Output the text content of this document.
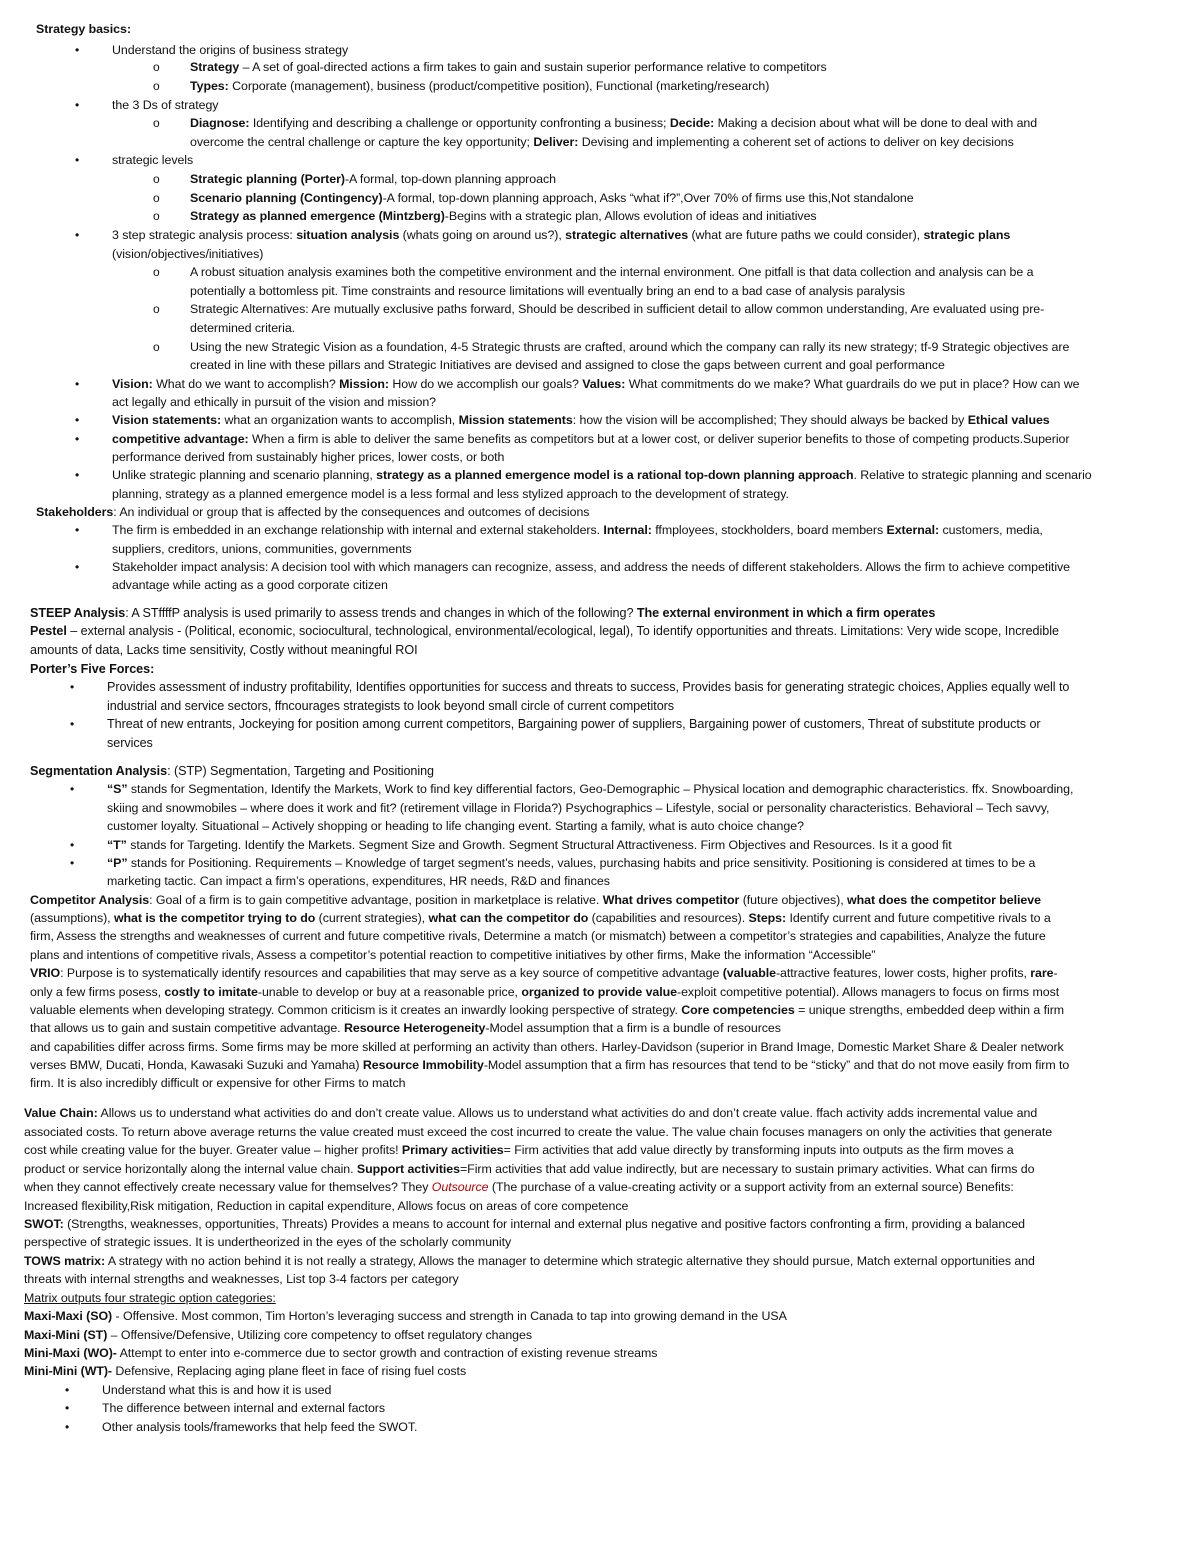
Strategy basics:
•	Understand the origins of business strategy
o Strategy – A set of goal-directed actions a firm takes to gain and sustain superior performance relative to competitors
o Types: Corporate (management), business (product/competitive position), Functional (marketing/research)
•	the 3 Ds of strategy
o Diagnose: Identifying and describing a challenge or opportunity confronting a business; Decide: Making a decision about what will be done to deal with and
overcome the central challenge or capture the key opportunity; Deliver: Devising and implementing a coherent set of actions to deliver on key decisions
•	strategic levels
o Strategic planning (Porter)-A formal, top-down planning approach
o Scenario planning (Contingency)-A formal, top-down planning approach, Asks “what if?”,Over 70% of firms use this,Not standalone
o Strategy as planned emergence (Mintzberg)-Begins with a strategic plan, Allows evolution of ideas and initiatives
•	3 step strategic analysis process: situation analysis (whats going on around us?), strategic alternatives (what are future paths we could consider), strategic plans
(vision/objectives/initiatives)
o A robust situation analysis examines both the competitive environment and the internal environment. One pitfall is that data collection and analysis can be a
potentially a bottomless pit. Time constraints and resource limitations will eventually bring an end to a bad case of analysis paralysis
o Strategic Alternatives: Are mutually exclusive paths forward, Should be described in sufficient detail to allow common understanding, Are evaluated using pre-
determined criteria.
o Using the new Strategic Vision as a foundation, 4-5 Strategic thrusts are crafted, around which the company can rally its new strategy; tf-9 Strategic objectives are
created in line with these pillars and Strategic Initiatives are devised and assigned to close the gaps between current and goal performance
•	Vision: What do we want to accomplish? Mission: How do we accomplish our goals? Values: What commitments do we make? What guardrails do we put in place? How can we
act legally and ethically in pursuit of the vision and mission?
•	Vision statements: what an organization wants to accomplish, Mission statements: how the vision will be accomplished; They should always be backed by Ethical values
•	competitive advantage: When a firm is able to deliver the same benefits as competitors but at a lower cost, or deliver superior benefits to those of competing products.Superior
performance derived from sustainably higher prices, lower costs, or both
•	Unlike strategic planning and scenario planning, strategy as a planned emergence model is a rational top-down planning approach. Relative to strategic planning and scenario
planning, strategy as a planned emergence model is a less formal and less stylized approach to the development of strategy.
Stakeholders: An individual or group that is affected by the consequences and outcomes of decisions
•	The firm is embedded in an exchange relationship with internal and external stakeholders. Internal: ffmployees, stockholders, board members External: customers, media,
suppliers, creditors, unions, communities, governments
•	Stakeholder impact analysis: A decision tool with which managers can recognize, assess, and address the needs of different stakeholders. Allows the firm to achieve competitive
advantage while acting as a good corporate citizen
STEEP Analysis: A STffffP analysis is used primarily to assess trends and changes in which of the following? The external environment in which a firm operates
Pestel – external analysis - (Political, economic, sociocultural, technological, environmental/ecological, legal), To identify opportunities and threats. Limitations: Very wide scope, Incredible
amounts of data, Lacks time sensitivity, Costly without meaningful ROI
Porter’s Five Forces:
•	Provides assessment of industry profitability, Identifies opportunities for success and threats to success, Provides basis for generating strategic choices, Applies equally well to
industrial and service sectors, ffncourages strategists to look beyond small circle of current competitors
•	Threat of new entrants, Jockeying for position among current competitors, Bargaining power of suppliers, Bargaining power of customers, Threat of substitute products or
services
Segmentation Analysis: (STP) Segmentation, Targeting and Positioning
•	“S” stands for Segmentation, Identify the Markets, Work to find key differential factors, Geo-Demographic – Physical location and demographic characteristics. ffx. Snowboarding,
skiing and snowmobiles – where does it work and fit? (retirement village in Florida?) Psychographics – Lifestyle, social or personality characteristics. Behavioral – Tech savvy,
customer loyalty. Situational – Actively shopping or heading to life changing event. Starting a family, what is auto choice change?
•	“T” stands for Targeting. Identify the Markets. Segment Size and Growth. Segment Structural Attractiveness. Firm Objectives and Resources. Is it a good fit
•	“P” stands for Positioning. Requirements – Knowledge of target segment’s needs, values, purchasing habits and price sensitivity. Positioning is considered at times to be a
marketing tactic. Can impact a firm’s operations, expenditures, HR needs, R&D and finances
Competitor Analysis: Goal of a firm is to gain competitive advantage, position in marketplace is relative. What drives competitor (future objectives), what does the competitor believe
(assumptions), what is the competitor trying to do (current strategies), what can the competitor do (capabilities and resources). Steps: Identify current and future competitive rivals to a
firm, Assess the strengths and weaknesses of current and future competitive rivals, Determine a match (or mismatch) between a competitor’s strategies and capabilities, Analyze the future
plans and intentions of competitive rivals, Assess a competitor’s potential reaction to competitive initiatives by other firms, Make the information “Accessible”
VRIO: Purpose is to systematically identify resources and capabilities that may serve as a key source of competitive advantage (valuable-attractive features, lower costs, higher profits, rare-
only a few firms posess, costly to imitate-unable to develop or buy at a reasonable price, organized to provide value-exploit competitive potential). Allows managers to focus on firms most
valuable elements when developing strategy. Common criticism is it creates an inwardly looking perspective of strategy. Core competencies = unique strengths, embedded deep within a firm
that allows us to gain and sustain competitive advantage. Resource Heterogeneity-Model assumption that a firm is a bundle of resources
and capabilities differ across firms. Some firms may be more skilled at performing an activity than others. Harley-Davidson (superior in Brand Image, Domestic Market Share & Dealer network
verses BMW, Ducati, Honda, Kawasaki Suzuki and Yamaha) Resource Immobility-Model assumption that a firm has resources that tend to be “sticky” and that do not move easily from firm to
firm. It is also incredibly difficult or expensive for other Firms to match
Value Chain: Allows us to understand what activities do and don’t create value. Allows us to understand what activities do and don’t create value. ffach activity adds incremental value and
associated costs. To return above average returns the value created must exceed the cost incurred to create the value. The value chain focuses managers on only the activities that generate
cost while creating value for the buyer. Greater value – higher profits! Primary activities= Firm activities that add value directly by transforming inputs into outputs as the firm moves a
product or service horizontally along the internal value chain. Support activities=Firm activities that add value indirectly, but are necessary to sustain primary activities. What can firms do
when they cannot effectively create necessary value for themselves? They Outsource (The purchase of a value-creating activity or a support activity from an external source) Benefits:
Increased flexibility,Risk mitigation, Reduction in capital expenditure, Allows focus on areas of core competence
SWOT: (Strengths, weaknesses, opportunities, Threats) Provides a means to account for internal and external plus negative and positive factors confronting a firm, providing a balanced
perspective of strategic issues. It is undertheorized in the eyes of the scholarly community
TOWS matrix: A strategy with no action behind it is not really a strategy, Allows the manager to determine which strategic alternative they should pursue, Match external opportunities and
threats with internal strengths and weaknesses, List top 3-4 factors per category
Matrix outputs four strategic option categories:
Maxi-Maxi (SO) - Offensive. Most common, Tim Horton’s leveraging success and strength in Canada to tap into growing demand in the USA
Maxi-Mini (ST) – Offensive/Defensive, Utilizing core competency to offset regulatory changes
Mini-Maxi (WO)- Attempt to enter into e-commerce due to sector growth and contraction of existing revenue streams
Mini-Mini (WT)- Defensive, Replacing aging plane fleet in face of rising fuel costs
•	Understand what this is and how it is used
•	The difference between internal and external factors
•	Other analysis tools/frameworks that help feed the SWOT.
